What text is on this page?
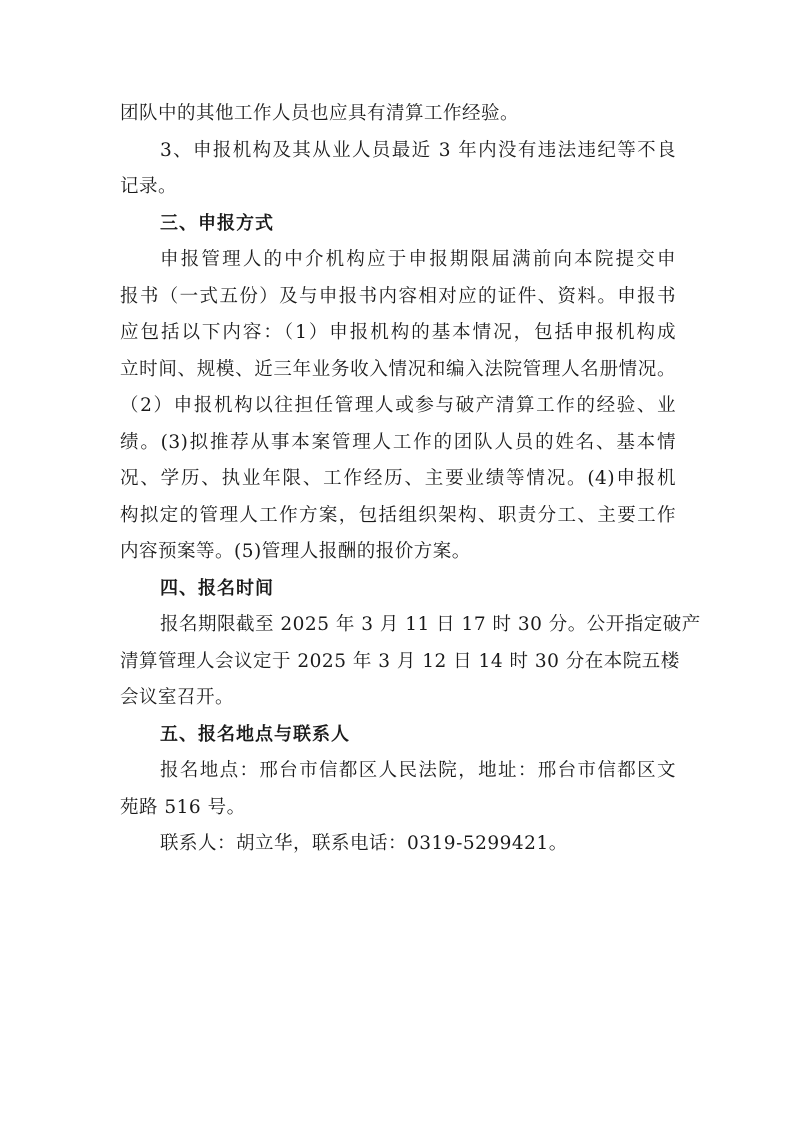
团队中的其他工作人员也应具有清算工作经验。
3、申报机构及其从业人员最近 3 年内没有违法违纪等不良
记录。
三、申报方式
申报管理人的中介机构应于申报期限届满前向本院提交申
报书（一式五份）及与申报书内容相对应的证件、资料。申报书
应包括以下内容：（1）申报机构的基本情况，包括申报机构成
立时间、规模、近三年业务收入情况和编入法院管理人名册情况。
（2）申报机构以往担任管理人或参与破产清算工作的经验、业
绩。(3)拟推荐从事本案管理人工作的团队人员的姓名、基本情
况、学历、执业年限、工作经历、主要业绩等情况。(4)申报机
构拟定的管理人工作方案，包括组织架构、职责分工、主要工作
内容预案等。(5)管理人报酬的报价方案。
四、报名时间
报名期限截至 2025 年 3 月 11 日 17 时 30 分。公开指定破产
清算管理人会议定于 2025 年 3 月 12 日 14 时 30 分在本院五楼
会议室召开。
五、报名地点与联系人
报名地点：邢台市信都区人民法院，地址：邢台市信都区文
苑路 516 号。
联系人：胡立华，联系电话：0319-5299421。
